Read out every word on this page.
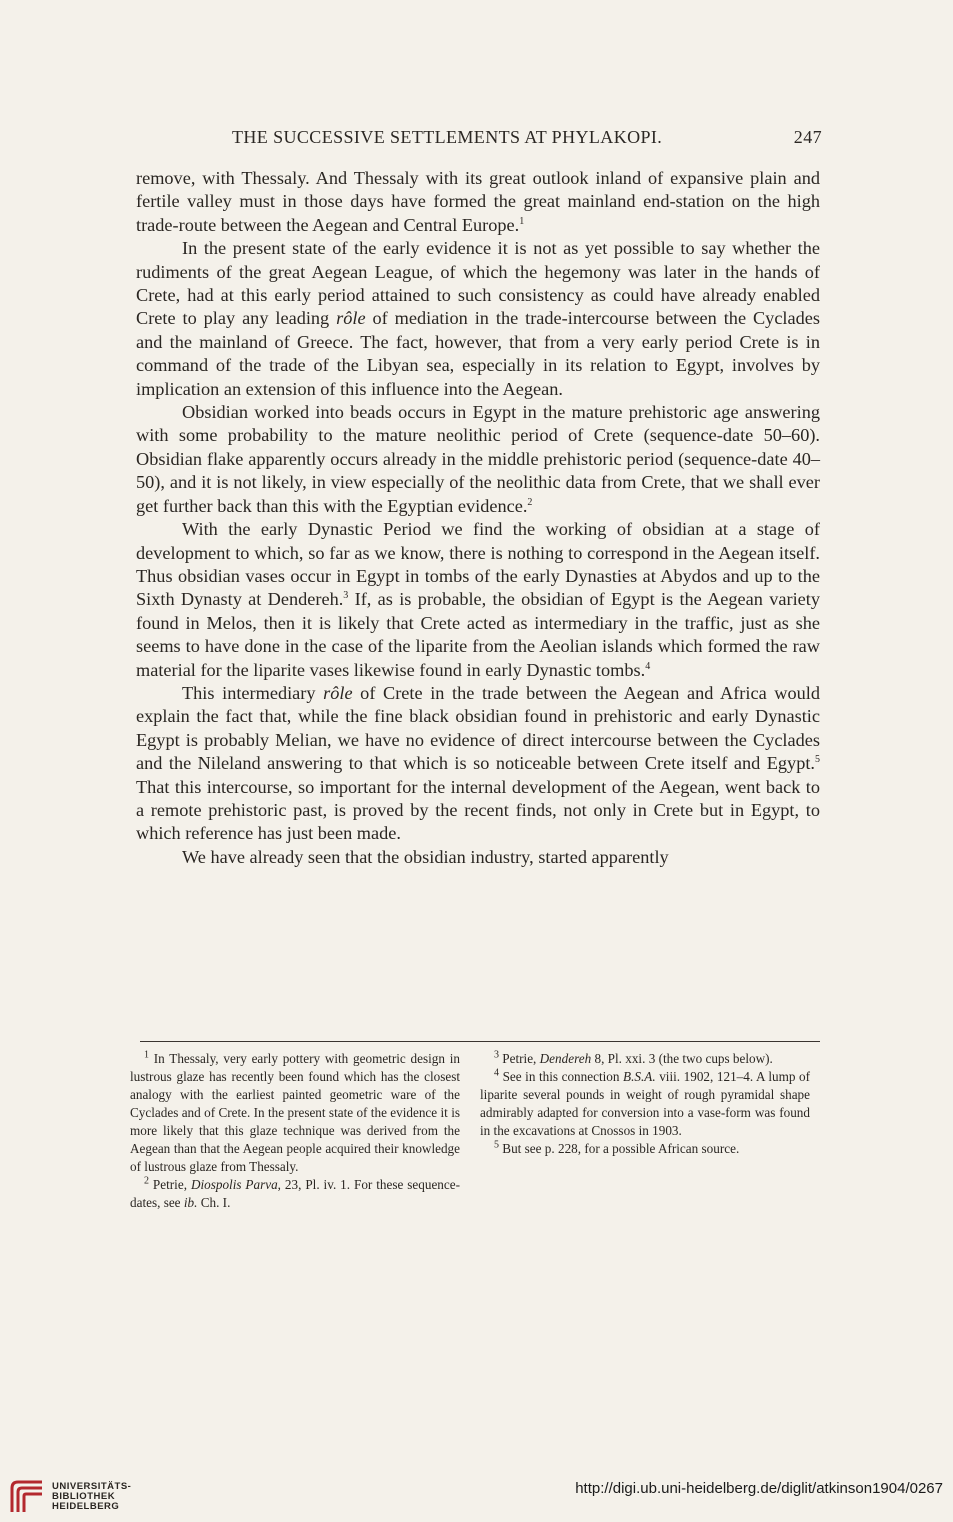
THE SUCCESSIVE SETTLEMENTS AT PHYLAKOPI.	247

remove, with Thessaly. And Thessaly with its great outlook inland of expansive plain and fertile valley must in those days have formed the great mainland end-station on the high trade-route between the Aegean and Central Europe.$^1$

In the present state of the early evidence it is not as yet possible to say whether the rudiments of the great Aegean League, of which the hegemony was later in the hands of Crete, had at this early period attained to such consistency as could have already enabled Crete to play any leading rôle of mediation in the trade-intercourse between the Cyclades and the mainland of Greece. The fact, however, that from a very early period Crete is in command of the trade of the Libyan sea, especially in its relation to Egypt, involves by implication an extension of this influence into the Aegean.

Obsidian worked into beads occurs in Egypt in the mature prehistoric age answering with some probability to the mature neolithic period of Crete (sequence-date 50–60). Obsidian flake apparently occurs already in the middle prehistoric period (sequence-date 40–50), and it is not likely, in view especially of the neolithic data from Crete, that we shall ever get further back than this with the Egyptian evidence.$^2$

With the early Dynastic Period we find the working of obsidian at a stage of development to which, so far as we know, there is nothing to correspond in the Aegean itself. Thus obsidian vases occur in Egypt in tombs of the early Dynasties at Abydos and up to the Sixth Dynasty at Dendereh.$^3$ If, as is probable, the obsidian of Egypt is the Aegean variety found in Melos, then it is likely that Crete acted as intermediary in the traffic, just as she seems to have done in the case of the liparite from the Aeolian islands which formed the raw material for the liparite vases likewise found in early Dynastic tombs.$^4$

This intermediary rôle of Crete in the trade between the Aegean and Africa would explain the fact that, while the fine black obsidian found in prehistoric and early Dynastic Egypt is probably Melian, we have no evidence of direct intercourse between the Cyclades and the Nileland answering to that which is so noticeable between Crete itself and Egypt.$^5$ That this intercourse, so important for the internal development of the Aegean, went back to a remote prehistoric past, is proved by the recent finds, not only in Crete but in Egypt, to which reference has just been made.

We have already seen that the obsidian industry, started apparently

$^1$ In Thessaly, very early pottery with geometric design in lustrous glaze has recently been found which has the closest analogy with the earliest painted geometric ware of the Cyclades and of Crete. In the present state of the evidence it is more likely that this glaze technique was derived from the Aegean than that the Aegean people acquired their knowledge of lustrous glaze from Thessaly.

$^2$ Petrie, Diospolis Parva, 23, Pl. iv. 1. For these sequence-dates, see ib. Ch. I.

$^3$ Petrie, Dendereh 8, Pl. xxi. 3 (the two cups below).

$^4$ See in this connection B.S.A. viii. 1902, 121–4. A lump of liparite several pounds in weight of rough pyramidal shape admirably adapted for conversion into a vase-form was found in the excavations at Cnossos in 1903.

$^5$ But see p. 228, for a possible African source.

UNIVERSITÄTS-
BIBLIOTHEK
HEIDELBERG
http://digi.ub.uni-heidelberg.de/diglit/atkinson1904/0267
